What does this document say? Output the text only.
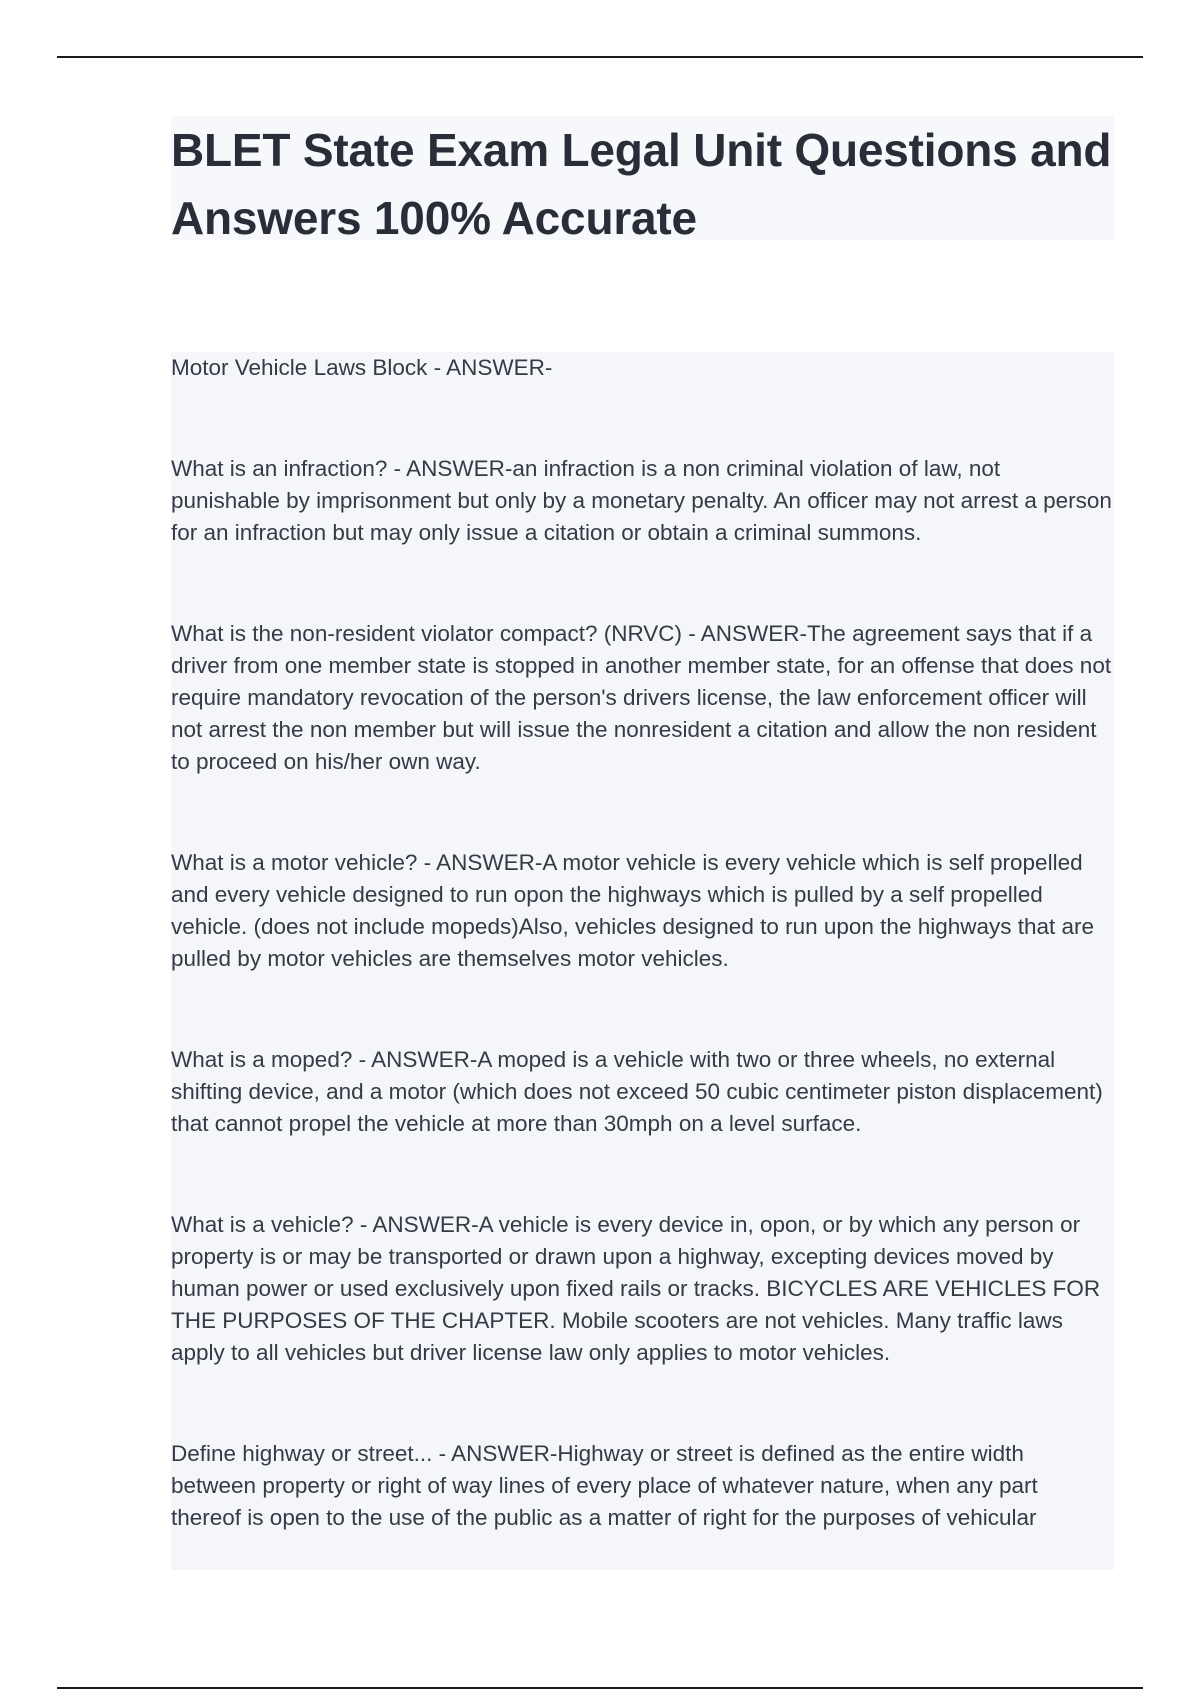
BLET State Exam Legal Unit Questions and Answers 100% Accurate

Motor Vehicle Laws Block - ANSWER-

What is an infraction? - ANSWER-an infraction is a non criminal violation of law, not punishable by imprisonment but only by a monetary penalty. An officer may not arrest a person for an infraction but may only issue a citation or obtain a criminal summons.

What is the non-resident violator compact? (NRVC) - ANSWER-The agreement says that if a driver from one member state is stopped in another member state, for an offense that does not require mandatory revocation of the person's drivers license, the law enforcement officer will not arrest the non member but will issue the nonresident a citation and allow the non resident to proceed on his/her own way.

What is a motor vehicle? - ANSWER-A motor vehicle is every vehicle which is self propelled and every vehicle designed to run opon the highways which is pulled by a self propelled vehicle. (does not include mopeds)Also, vehicles designed to run upon the highways that are pulled by motor vehicles are themselves motor vehicles.

What is a moped? - ANSWER-A moped is a vehicle with two or three wheels, no external shifting device, and a motor (which does not exceed 50 cubic centimeter piston displacement) that cannot propel the vehicle at more than 30mph on a level surface.

What is a vehicle? - ANSWER-A vehicle is every device in, opon, or by which any person or property is or may be transported or drawn upon a highway, excepting devices moved by human power or used exclusively upon fixed rails or tracks. BICYCLES ARE VEHICLES FOR THE PURPOSES OF THE CHAPTER. Mobile scooters are not vehicles. Many traffic laws apply to all vehicles but driver license law only applies to motor vehicles.

Define highway or street... - ANSWER-Highway or street is defined as the entire width between property or right of way lines of every place of whatever nature, when any part thereof is open to the use of the public as a matter of right for the purposes of vehicular
